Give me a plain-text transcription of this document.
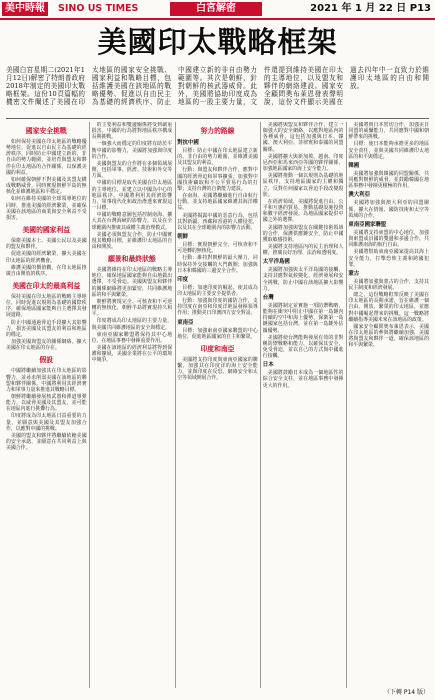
美中時報	SINO US TIMES	白宮解密	2021 年 1 月 22 日 P13
美國印太戰略框架
美國白宮星期二(2021年1月12日)解密了特朗普政府2018年制定的美國印太戰略框架。這份10頁篇幅的機密文件闡述了美國在印太地區的國家安全挑戰、國家利益和戰略目標，包括維護美國在該地區的戰略優勢、促進以自由民主為基礎的經濟秩序、防止中國建立新的非自由勢力範圍等。其次是朝鮮，針對朝鮮的核武器威脅。此外，美國將協助印度成為地區的一股主要力量，文件還提到維持美國在印太的主導地位，以及盟友和夥伴的網絡建設。國家安全顧問奧布萊恩發表聲明說，這份文件顯示美國在過去四年中一直致力於維護印太地區的自由和開放。
國家安全挑戰

如何保持美國在印太地區的戰略優勢地位，促進以自由民主為基礎的經濟秩序，同時防止中國建立新的、非自由的勢力範圍，並培育與盟友和夥伴在印太地區的合作關係，以保護美國的利益。

如何確保朝鮮不對美國及其盟友構成戰略威脅，同時實現朝鮮半島的無核化並維護地區和平穩定。

如何在維持美國的全球領導地位的同時，推進美國的經濟繁榮，並確保美國在該地區的商業與安全利益不受損害。

美國的國家利益

保衛美國本土、美國公民以及美國的盟友和夥伴。

促進美國的經濟繁榮，擴大美國在印太地區的經濟機會。

維護美國的價值觀，在印太地區推廣自由開放的秩序。

美國在印太的最高利益

保持美國在印太地區的戰略主導地位，同時促進以規則為基礎的國際秩序，確保地區國家能夠自主選擇其發展道路。

防止中國通過脅迫手段擴大其影響力，損害美國及其盟友的利益和地區的穩定。

加強美國與盟友的關係網絡，擴大美國在印太地區的存在。

假設

中國將繼續加強其在印太地區的影響力，並尋求削弱美國在該地區的聯盟和夥伴關係。中國將利用其經濟實力和軍事力量來推進其戰略目標。

朝鮮將繼續發展核武器和彈道導彈能力，以威脅美國及其盟友，並可能在地區內進行挑釁行為。

印度將成為印太地區日益重要的力量，並願意與美國及其盟友加強合作，以應對中國的挑戰。

美國的盟友和夥伴將繼續依賴美國的安全承諾，並願意在共同利益上與美國合作。

的主要利益和雙邊關係將受到嚴重損害。中國的行為將對地區秩序構成長期挑戰。

一個強大而穩定的印度將有助於平衡中國的影響力，美國將加強與印度的合作。

美國與盟友的合作將在多個領域展開，包括軍事、經濟、技術和外交等方面。

中國的目標是取代美國在印太地區的主導地位，並建立以中國為中心的地區秩序。中國將利用其經濟影響力、軍事現代化和政治滲透來實現這一目標。

中國的戰略意圖包括控制南海、擴大其在台灣海峽的影響力，以及在全球範圍內推廣其威權主義治理模式。

美國必須與盟友合作，防止中國實現其戰略目標，並維護印太地區的自由和開放。

願景和最終狀態

美國將維持在印太地區的戰略主導地位，確保地區國家能夠自由地做出選擇，不受脅迫。美國與盟友和夥伴的關係網絡將更加緊密，共同維護地區的和平與繁榮。

朝鮮將實現完全、可核查和不可逆轉的無核化，朝鮮半島將實現持久和平。

印度將成為印太地區的主要力量，與美國共同維護地區的安全與穩定。

東南亞國家聯盟將保持其中心地位，在地區事務中發揮重要作用。

美國在該地區的經濟利益將得到保護和擴展，美國企業將在公平的環境中競爭。

努力的路線
對抗中國

目標：防止中國在印太地區建立新的、非自由的勢力範圍，並維護美國及其盟友的利益。

行動：與盟友和夥伴合作，應對中國的經濟脅迫和軍事擴張；加強對中國技術竊取和不公平貿易行為的打擊；支持台灣的自衛能力建設。

在南海，美國將繼續進行自由航行行動，並支持地區國家維護其海洋權益。

美國將揭露中國的惡意行為，包括其對新疆、西藏和香港的人權侵犯，以及其在全球範圍內的影響力活動。

朝鮮

目標：實現朝鮮完全、可核查和不可逆轉的無核化。

行動：維持對朝鮮的最大壓力，同時保持外交接觸的大門敞開；加強與日本和韓國的三邊安全合作。

印度

目標：加速印度的崛起，使其成為印太地區的主要安全提供者。

行動：加強與印度的國防合作，支持印度在南亞和印度洋地區發揮領導作用；推動美日印澳四方安全對話。

東南亞

目標：加強東南亞國家聯盟的中心地位，促進地區國家的自主和繁榮。

印度和南亞

美國將支持印度與東南亞國家的聯繫，加強其在印度洋的海上安全能力，並與印度在反恐、網絡安全和太空等領域開展合作。

美國將與盟友和夥伴合作，建立一個強大的安全網絡，以應對地區內的各種威脅。這包括加強與日本、韓國、澳大利亞、菲律賓和泰國的同盟關係。

美國將擴大與新加坡、越南、印度尼西亞和馬來西亞等國的夥伴關係，加強地區國家的海上安全能力。

美國將推動一個以規則為基礎的地區秩序，支持地區國家的主權和獨立，反對任何國家以脅迫手段改變現狀。

在經濟領域，美國將促進自由、公平和互惠的貿易，推動基礎設施投資和數字經濟發展，為地區國家提供中國之外的選擇。

美國將加強與盟友在關鍵技術領域的合作，保護供應鏈安全，防止中國獲取敏感技術。

美國將支持地區內的民主治理和人權，推廣良好治理、法治和透明度。

太平洋島國

美國將加強與太平洋島國的接觸，支持其應對氣候變化、經濟發展和安全挑戰，防止中國在該地區擴大影響力。

台灣

美國將制定並實施一項防禦戰略，能夠在衝突中阻止中國在第一島鏈內持續的空中和海上優勢，保衛第一島鏈國家包括台灣，並在第一島鏈外佔據優勢。

美國將使台灣能夠發展有效的非對稱防禦戰略和能力，以確保其安全，免受脅迫，並以自己的方式與中國進行接觸。

日本

美國將鼓勵日本成為一個地區性的綜合安全支柱，並在地區事務中發揮更大的作用。

美國將與日本密切合作，加強美日同盟的威懾能力，共同應對中國和朝鮮帶來的挑戰。

目標：使日本能夠承擔更多的地區安全責任，並與美國共同維護印太地區的和平與穩定。

韓國

美國將加強與韓國的同盟關係，共同應對朝鮮的威脅，並鼓勵韓國在地區事務中發揮更積極的作用。

澳大利亞

美國將加強與澳大利亞的同盟關係，擴大在情報、國防技術和太空等領域的合作。

東南亞國家聯盟

美國將支持東盟的中心地位，加強與東盟成員國的雙邊和多邊合作，共同維護南海的航行自由。

美國將幫助東南亞國家提高其海上安全能力，打擊恐怖主義和跨國犯罪。

蒙古

美國將加強與蒙古的合作，支持其民主制度和經濟發展。

總之，這份戰略框架反映了美國在印太地區的長期承諾，旨在維護一個自由、開放、繁榮的印太地區，並應對中國崛起帶來的挑戰。這一戰略將繼續指導美國未來在該地區的政策。

國家安全顧問奧布萊恩表示，美國在印太地區的參與將繼續加強，美國將與盟友和夥伴一道，確保該地區的和平與繁榮。

（下轉 P14 版）
